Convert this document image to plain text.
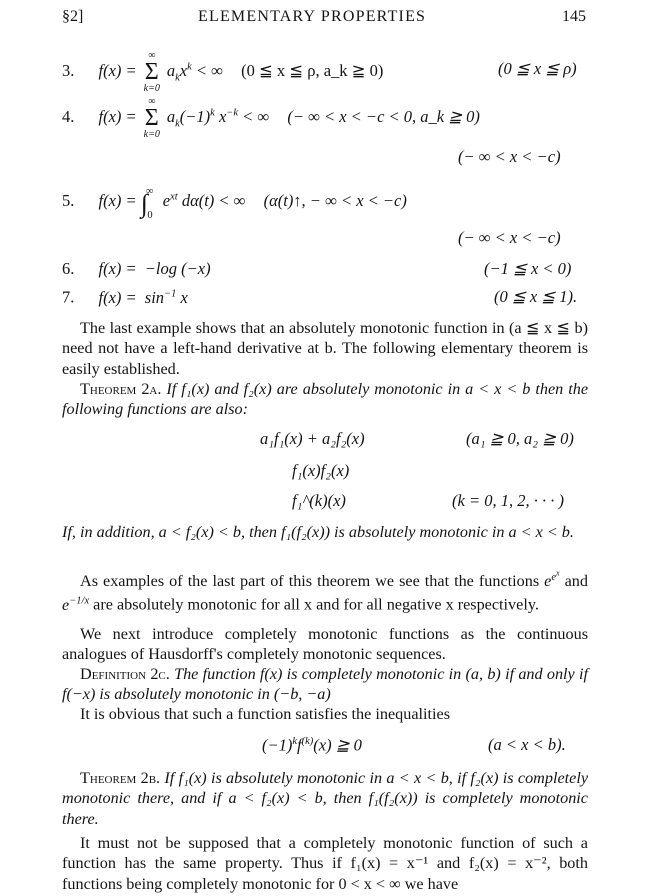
§2]	ELEMENTARY PROPERTIES	145
3. f(x) =
∞
Σ
k=0
$a_kx^k$ < ∞ (0 ≦ x ≦ ρ, a_k ≧ 0)	(0 ≦ x ≦ ρ)
4. f(x) =
∞
Σ
k=0
$a_k(-1)^k$ $x^{-k}$ < ∞ (− ∞ < x < −c < 0, a_k ≧ 0)
(− ∞ < x < −c)
5. $f(x) = \int^\infty_0$ $e^{xt}$ dα(t) < ∞ (α(t)↑, − ∞ < x < −c)
(− ∞ < x < −c)
6. f(x) = −log (−x)	(−1 ≦ x < 0)
7. $f(x) = \sin^{-1} x$	(0 ≦ x ≦ 1).

The last example shows that an absolutely monotonic function in (a ≦ x ≦ b) need not have a left-hand derivative at b. The following elementary theorem is easily established.

Theorem 2a. If f₁(x) and f₂(x) are absolutely monotonic in a < x < b then the following functions are also:

a₁f₁(x) + a₂f₂(x)	(a₁ ≧ 0, a₂ ≧ 0)
f₁(x)f₂(x)
f₁^(k)(x)	(k = 0, 1, 2, · · · )

If, in addition, a < f₂(x) < b, then f₁(f₂(x)) is absolutely monotonic in a < x < b.

As examples of the last part of this theorem we see that the functions $e^{e^x}$ and $e^{-1/x}$ are absolutely monotonic for all x and for all negative x respectively.

We next introduce completely monotonic functions as the continuous analogues of Hausdorff's completely monotonic sequences.

Definition 2c. The function f(x) is completely monotonic in (a, b) if and only if f(−x) is absolutely monotonic in (−b, −a)

It is obvious that such a function satisfies the inequalities

$(-1)^kf^{(k)}(x)$ ≧ 0	(a < x < b).

Theorem 2b. If f₁(x) is absolutely monotonic in a < x < b, if f₂(x) is completely monotonic there, and if a < f₂(x) < b, then f₁(f₂(x)) is completely monotonic there.

It must not be supposed that a completely monotonic function of such a function has the same property. Thus if f₁(x) = x⁻¹ and f₂(x) = x⁻², both functions being completely monotonic for 0 < x < ∞ we have
